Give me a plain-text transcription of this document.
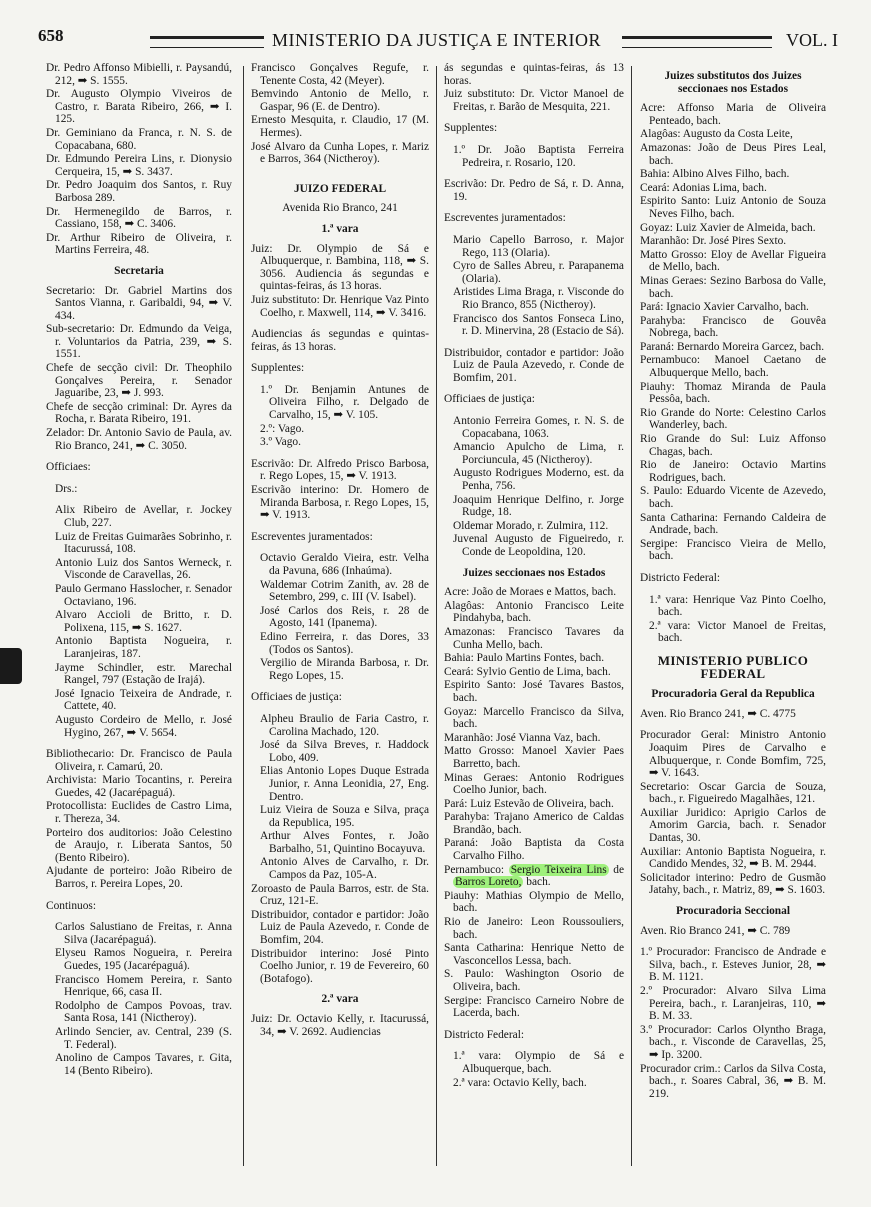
658	MINISTERIO DA JUSTIÇA E INTERIOR	VOL. I

Dr. Pedro Affonso Mibielli, r. Paysandú, 212, ➡ S. 1555.

Dr. Augusto Olympio Viveiros de Castro, r. Barata Ribeiro, 266, ➡ I. 125.

Dr. Geminiano da Franca, r. N. S. de Copacabana, 680.

Dr. Edmundo Pereira Lins, r. Dionysio Cerqueira, 15, ➡ S. 3437.

Dr. Pedro Joaquim dos Santos, r. Ruy Barbosa 289.

Dr. Hermenegildo de Barros, r. Cassiano, 158, ➡ C. 3406.

Dr. Arthur Ribeiro de Oliveira, r. Martins Ferreira, 48.

Secretaria

Secretario: Dr. Gabriel Martins dos Santos Vianna, r. Garibaldi, 94, ➡ V. 434.

Sub-secretario: Dr. Edmundo da Veiga, r. Voluntarios da Patria, 239, ➡ S. 1551.

Chefe de secção civil: Dr. Theophilo Gonçalves Pereira, r. Senador Jaguaribe, 23, ➡ J. 993.

Chefe de secção criminal: Dr. Ayres da Rocha, r. Barata Ribeiro, 191.

Zelador: Dr. Antonio Savio de Paula, av. Rio Branco, 241, ➡ C. 3050.

Officiaes:

Drs.:

Alix Ribeiro de Avellar, r. Jockey Club, 227.

Luiz de Freitas Guimarães Sobrinho, r. Itacurussá, 108.

Antonio Luiz dos Santos Werneck, r. Visconde de Caravellas, 26.

Paulo Germano Hasslocher, r. Senador Octaviano, 196.

Alvaro Accioli de Britto, r. D. Polixena, 115, ➡ S. 1627.

Antonio Baptista Nogueira, r. Laranjeiras, 187.

Jayme Schindler, estr. Marechal Rangel, 797 (Estação de Irajá).

José Ignacio Teixeira de Andrade, r. Cattete, 40.

Augusto Cordeiro de Mello, r. José Hygino, 267, ➡ V. 5654.

Bibliothecario: Dr. Francisco de Paula Oliveira, r. Camarú, 20.

Archivista: Mario Tocantins, r. Pereira Guedes, 42 (Jacarépaguá).

Protocollista: Euclides de Castro Lima, r. Thereza, 34.

Porteiro dos auditorios: João Celestino de Araujo, r. Liberata Santos, 50 (Bento Ribeiro).

Ajudante de porteiro: João Ribeiro de Barros, r. Pereira Lopes, 20.

Continuos:

Carlos Salustiano de Freitas, r. Anna Silva (Jacarépaguá).

Elyseu Ramos Nogueira, r. Pereira Guedes, 195 (Jacarépaguá).

Francisco Homem Pereira, r. Santo Henrique, 66, casa II.

Rodolpho de Campos Povoas, trav. Santa Rosa, 141 (Nictheroy).

Arlindo Sencier, av. Central, 239 (S. T. Federal).

Anolino de Campos Tavares, r. Gita, 14 (Bento Ribeiro).

Francisco Gonçalves Regufe, r. Tenente Costa, 42 (Meyer).

Bemvindo Antonio de Mello, r. Gaspar, 96 (E. de Dentro).

Ernesto Mesquita, r. Claudio, 17 (M. Hermes).

José Alvaro da Cunha Lopes, r. Mariz e Barros, 364 (Nictheroy).

JUIZO FEDERAL

Avenida Rio Branco, 241

1.ª vara

Juiz: Dr. Olympio de Sá e Albuquerque, r. Bambina, 118, ➡ S. 3056. Audiencia ás segundas e quintas-feiras, ás 13 horas.

Juiz substituto: Dr. Henrique Vaz Pinto Coelho, r. Maxwell, 114, ➡ V. 3416.

Audiencias ás segundas e quintas-feiras, ás 13 horas.

Supplentes:

1.º Dr. Benjamin Antunes de Oliveira Filho, r. Delgado de Carvalho, 15, ➡ V. 105.

2.º: Vago.

3.º Vago.

Escrivão: Dr. Alfredo Prisco Barbosa, r. Rego Lopes, 15, ➡ V. 1913.

Escrivão interino: Dr. Homero de Miranda Barbosa, r. Rego Lopes, 15, ➡ V. 1913.

Escreventes juramentados:

Octavio Geraldo Vieira, estr. Velha da Pavuna, 686 (Inhaúma).

Waldemar Cotrim Zanith, av. 28 de Setembro, 299, c. III (V. Isabel).

José Carlos dos Reis, r. 28 de Agosto, 141 (Ipanema).

Edino Ferreira, r. das Dores, 33 (Todos os Santos).

Vergilio de Miranda Barbosa, r. Dr. Rego Lopes, 15.

Officiaes de justiça:

Alpheu Braulio de Faria Castro, r. Carolina Machado, 120.

José da Silva Breves, r. Haddock Lobo, 409.

Elias Antonio Lopes Duque Estrada Junior, r. Anna Leonidia, 27, Eng. Dentro.

Luiz Vieira de Souza e Silva, praça da Republica, 195.

Arthur Alves Fontes, r. João Barbalho, 51, Quintino Bocayuva.

Antonio Alves de Carvalho, r. Dr. Campos da Paz, 105-A.

Zoroasto de Paula Barros, estr. de Sta. Cruz, 121-E.

Distribuidor, contador e partidor: João Luiz de Paula Azevedo, r. Conde de Bomfim, 204.

Distribuidor interino: José Pinto Coelho Junior, r. 19 de Fevereiro, 60 (Botafogo).

2.ª vara

Juiz: Dr. Octavio Kelly, r. Itacurussá, 34, ➡ V. 2692. Audiencias

ás segundas e quintas-feiras, ás 13 horas.

Juiz substituto: Dr. Victor Manoel de Freitas, r. Barão de Mesquita, 221.

Supplentes:

1.º Dr. João Baptista Ferreira Pedreira, r. Rosario, 120.

Escrivão: Dr. Pedro de Sá, r. D. Anna, 19.

Escreventes juramentados:

Mario Capello Barroso, r. Major Rego, 113 (Olaria).

Cyro de Salles Abreu, r. Parapanema (Olaria).

Aristides Lima Braga, r. Visconde do Rio Branco, 855 (Nictheroy).

Francisco dos Santos Fonseca Lino, r. D. Minervina, 28 (Estacio de Sá).

Distribuidor, contador e partidor: João Luiz de Paula Azevedo, r. Conde de Bomfim, 201.

Officiaes de justiça:

Antonio Ferreira Gomes, r. N. S. de Copacabana, 1063.

Amancio Apulcho de Lima, r. Porciuncula, 45 (Nictheroy).

Augusto Rodrigues Moderno, est. da Penha, 756.

Joaquim Henrique Delfino, r. Jorge Rudge, 18.

Oldemar Morado, r. Zulmira, 112.

Juvenal Augusto de Figueiredo, r. Conde de Leopoldina, 120.

Juizes seccionaes nos Estados

Acre: João de Moraes e Mattos, bach.

Alagôas: Antonio Francisco Leite Pindahyba, bach.

Amazonas: Francisco Tavares da Cunha Mello, bach.

Bahia: Paulo Martins Fontes, bach.

Ceará: Sylvio Gentio de Lima, bach.

Espirito Santo: José Tavares Bastos, bach.

Goyaz: Marcello Francisco da Silva, bach.

Maranhão: José Vianna Vaz, bach.

Matto Grosso: Manoel Xavier Paes Barretto, bach.

Minas Geraes: Antonio Rodrigues Coelho Junior, bach.

Pará: Luiz Estevão de Oliveira, bach.

Parahyba: Trajano Americo de Caldas Brandão, bach.

Paraná: João Baptista da Costa Carvalho Filho.

Pernambuco: Sergio Teixeira Lins de Barros Loreto, bach.

Piauhy: Mathias Olympio de Mello, bach.

Rio de Janeiro: Leon Roussouliers, bach.

Santa Catharina: Henrique Netto de Vasconcellos Lessa, bach.

S. Paulo: Washington Osorio de Oliveira, bach.

Sergipe: Francisco Carneiro Nobre de Lacerda, bach.

Districto Federal:

1.ª vara: Olympio de Sá e Albuquerque, bach.

2.ª vara: Octavio Kelly, bach.

Juizes substitutos dos Juizes seccionaes nos Estados

Acre: Affonso Maria de Oliveira Penteado, bach.

Alagôas: Augusto da Costa Leite,

Amazonas: João de Deus Pires Leal, bach.

Bahia: Albino Alves Filho, bach.

Ceará: Adonias Lima, bach.

Espirito Santo: Luiz Antonio de Souza Neves Filho, bach.

Goyaz: Luiz Xavier de Almeida, bach.

Maranhão: Dr. José Pires Sexto.

Matto Grosso: Eloy de Avellar Figueira de Mello, bach.

Minas Geraes: Sezino Barbosa do Valle, bach.

Pará: Ignacio Xavier Carvalho, bach.

Parahyba: Francisco de Gouvêa Nobrega, bach.

Paraná: Bernardo Moreira Garcez, bach.

Pernambuco: Manoel Caetano de Albuquerque Mello, bach.

Piauhy: Thomaz Miranda de Paula Pessôa, bach.

Rio Grande do Norte: Celestino Carlos Wanderley, bach.

Rio Grande do Sul: Luiz Affonso Chagas, bach.

Rio de Janeiro: Octavio Martins Rodrigues, bach.

S. Paulo: Eduardo Vicente de Azevedo, bach.

Santa Catharina: Fernando Caldeira de Andrade, bach.

Sergipe: Francisco Vieira de Mello, bach.

Districto Federal:

1.ª vara: Henrique Vaz Pinto Coelho, bach.

2.ª vara: Victor Manoel de Freitas, bach.

MINISTERIO PUBLICO FEDERAL

Procuradoria Geral da Republica

Aven. Rio Branco 241, ➡ C. 4775

Procurador Geral: Ministro Antonio Joaquim Pires de Carvalho e Albuquerque, r. Conde Bomfim, 725, ➡ V. 1643.

Secretario: Oscar Garcia de Souza, bach., r. Figueiredo Magalhães, 121.

Auxiliar Juridico: Aprigio Carlos de Amorim Garcia, bach. r. Senador Dantas, 30.

Auxiliar: Antonio Baptista Nogueira, r. Candido Mendes, 32, ➡ B. M. 2944.

Solicitador interino: Pedro de Gusmão Jatahy, bach., r. Matriz, 89, ➡ S. 1603.

Procuradoria Seccional

Aven. Rio Branco 241, ➡ C. 789

1.º Procurador: Francisco de Andrade e Silva, bach., r. Esteves Junior, 28, ➡ B. M. 1121.

2.º Procurador: Alvaro Silva Lima Pereira, bach., r. Laranjeiras, 110, ➡ B. M. 33.

3.º Procurador: Carlos Olyntho Braga, bach., r. Visconde de Caravellas, 25, ➡ Ip. 3200.

Procurador crim.: Carlos da Silva Costa, bach., r. Soares Cabral, 36, ➡ B. M. 219.
